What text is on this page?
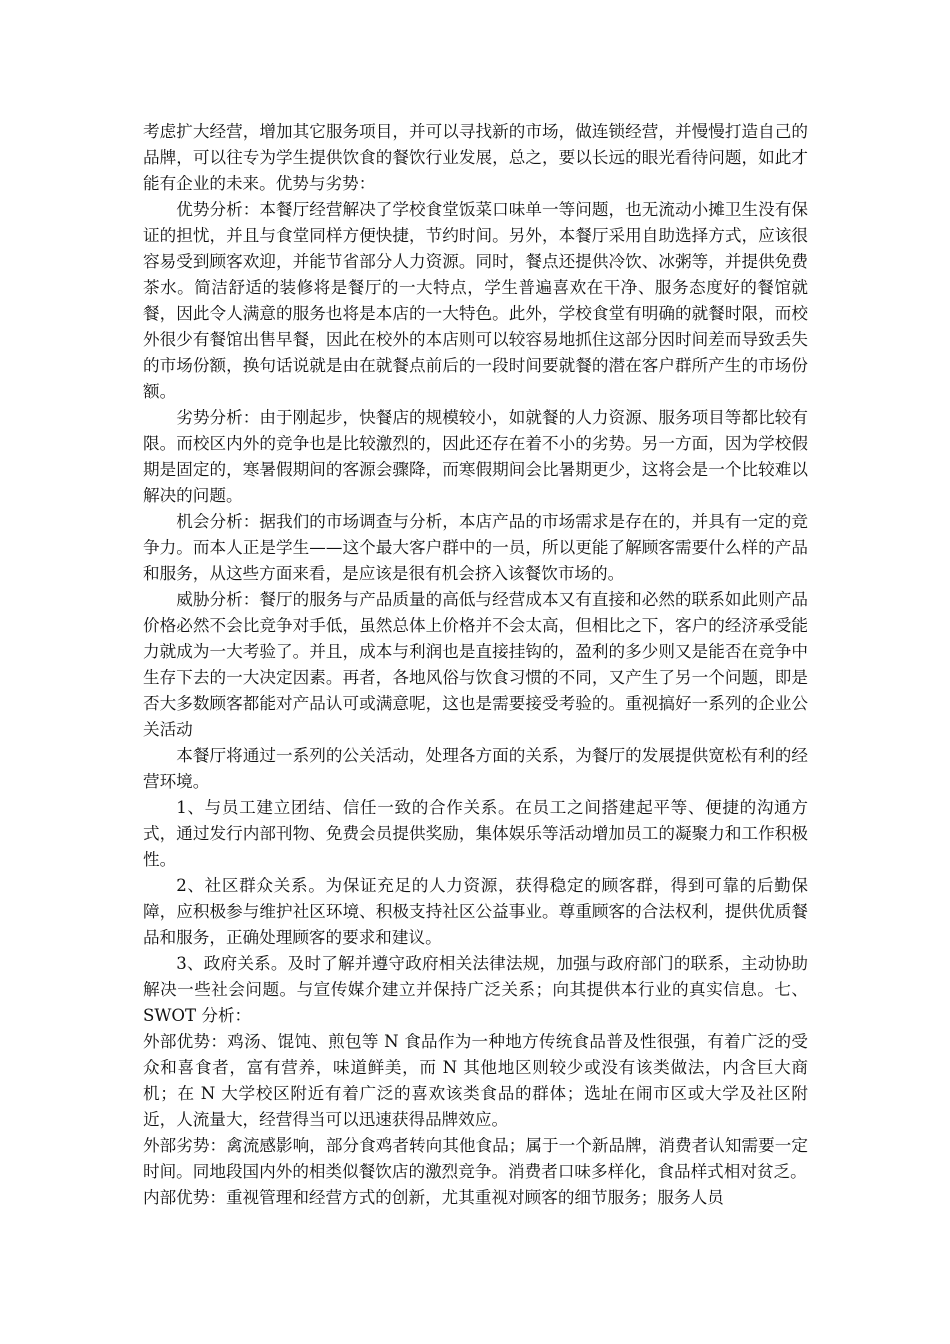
考虑扩大经营，增加其它服务项目，并可以寻找新的市场，做连锁经营，并慢慢打造自己的品牌，可以往专为学生提供饮食的餐饮行业发展，总之，要以长远的眼光看待问题，如此才能有企业的未来。优势与劣势：

优势分析：本餐厅经营解决了学校食堂饭菜口味单一等问题，也无流动小摊卫生没有保证的担忧，并且与食堂同样方便快捷，节约时间。另外，本餐厅采用自助选择方式，应该很容易受到顾客欢迎，并能节省部分人力资源。同时，餐点还提供冷饮、冰粥等，并提供免费茶水。简洁舒适的装修将是餐厅的一大特点，学生普遍喜欢在干净、服务态度好的餐馆就餐，因此令人满意的服务也将是本店的一大特色。此外，学校食堂有明确的就餐时限，而校外很少有餐馆出售早餐，因此在校外的本店则可以较容易地抓住这部分因时间差而导致丢失的市场份额，换句话说就是由在就餐点前后的一段时间要就餐的潜在客户群所产生的市场份额。

劣势分析：由于刚起步，快餐店的规模较小，如就餐的人力资源、服务项目等都比较有限。而校区内外的竞争也是比较激烈的，因此还存在着不小的劣势。另一方面，因为学校假期是固定的，寒暑假期间的客源会骤降，而寒假期间会比暑期更少，这将会是一个比较难以解决的问题。

机会分析：据我们的市场调查与分析，本店产品的市场需求是存在的，并具有一定的竞争力。而本人正是学生——这个最大客户群中的一员，所以更能了解顾客需要什么样的产品和服务，从这些方面来看，是应该是很有机会挤入该餐饮市场的。

威胁分析：餐厅的服务与产品质量的高低与经营成本又有直接和必然的联系如此则产品价格必然不会比竞争对手低，虽然总体上价格并不会太高，但相比之下，客户的经济承受能力就成为一大考验了。并且，成本与利润也是直接挂钩的，盈利的多少则又是能否在竞争中生存下去的一大决定因素。再者，各地风俗与饮食习惯的不同，又产生了另一个问题，即是否大多数顾客都能对产品认可或满意呢，这也是需要接受考验的。重视搞好一系列的企业公关活动

本餐厅将通过一系列的公关活动，处理各方面的关系，为餐厅的发展提供宽松有利的经营环境。

1、与员工建立团结、信任一致的合作关系。在员工之间搭建起平等、便捷的沟通方式，通过发行内部刊物、免费会员提供奖励，集体娱乐等活动增加员工的凝聚力和工作积极性。

2、社区群众关系。为保证充足的人力资源，获得稳定的顾客群，得到可靠的后勤保障，应积极参与维护社区环境、积极支持社区公益事业。尊重顾客的合法权利，提供优质餐品和服务，正确处理顾客的要求和建议。

3、政府关系。及时了解并遵守政府相关法律法规，加强与政府部门的联系，主动协助解决一些社会问题。与宣传媒介建立并保持广泛关系；向其提供本行业的真实信息。七、SWOT 分析：

外部优势：鸡汤、馄饨、煎包等 N 食品作为一种地方传统食品普及性很强，有着广泛的受众和喜食者，富有营养，味道鲜美，而 N 其他地区则较少或没有该类做法，内含巨大商机；在 N 大学校区附近有着广泛的喜欢该类食品的群体；选址在闹市区或大学及社区附近，人流量大，经营得当可以迅速获得品牌效应。

外部劣势：禽流感影响，部分食鸡者转向其他食品；属于一个新品牌，消费者认知需要一定时间。同地段国内外的相类似餐饮店的激烈竞争。消费者口味多样化，食品样式相对贫乏。

内部优势：重视管理和经营方式的创新，尤其重视对顾客的细节服务；服务人员
